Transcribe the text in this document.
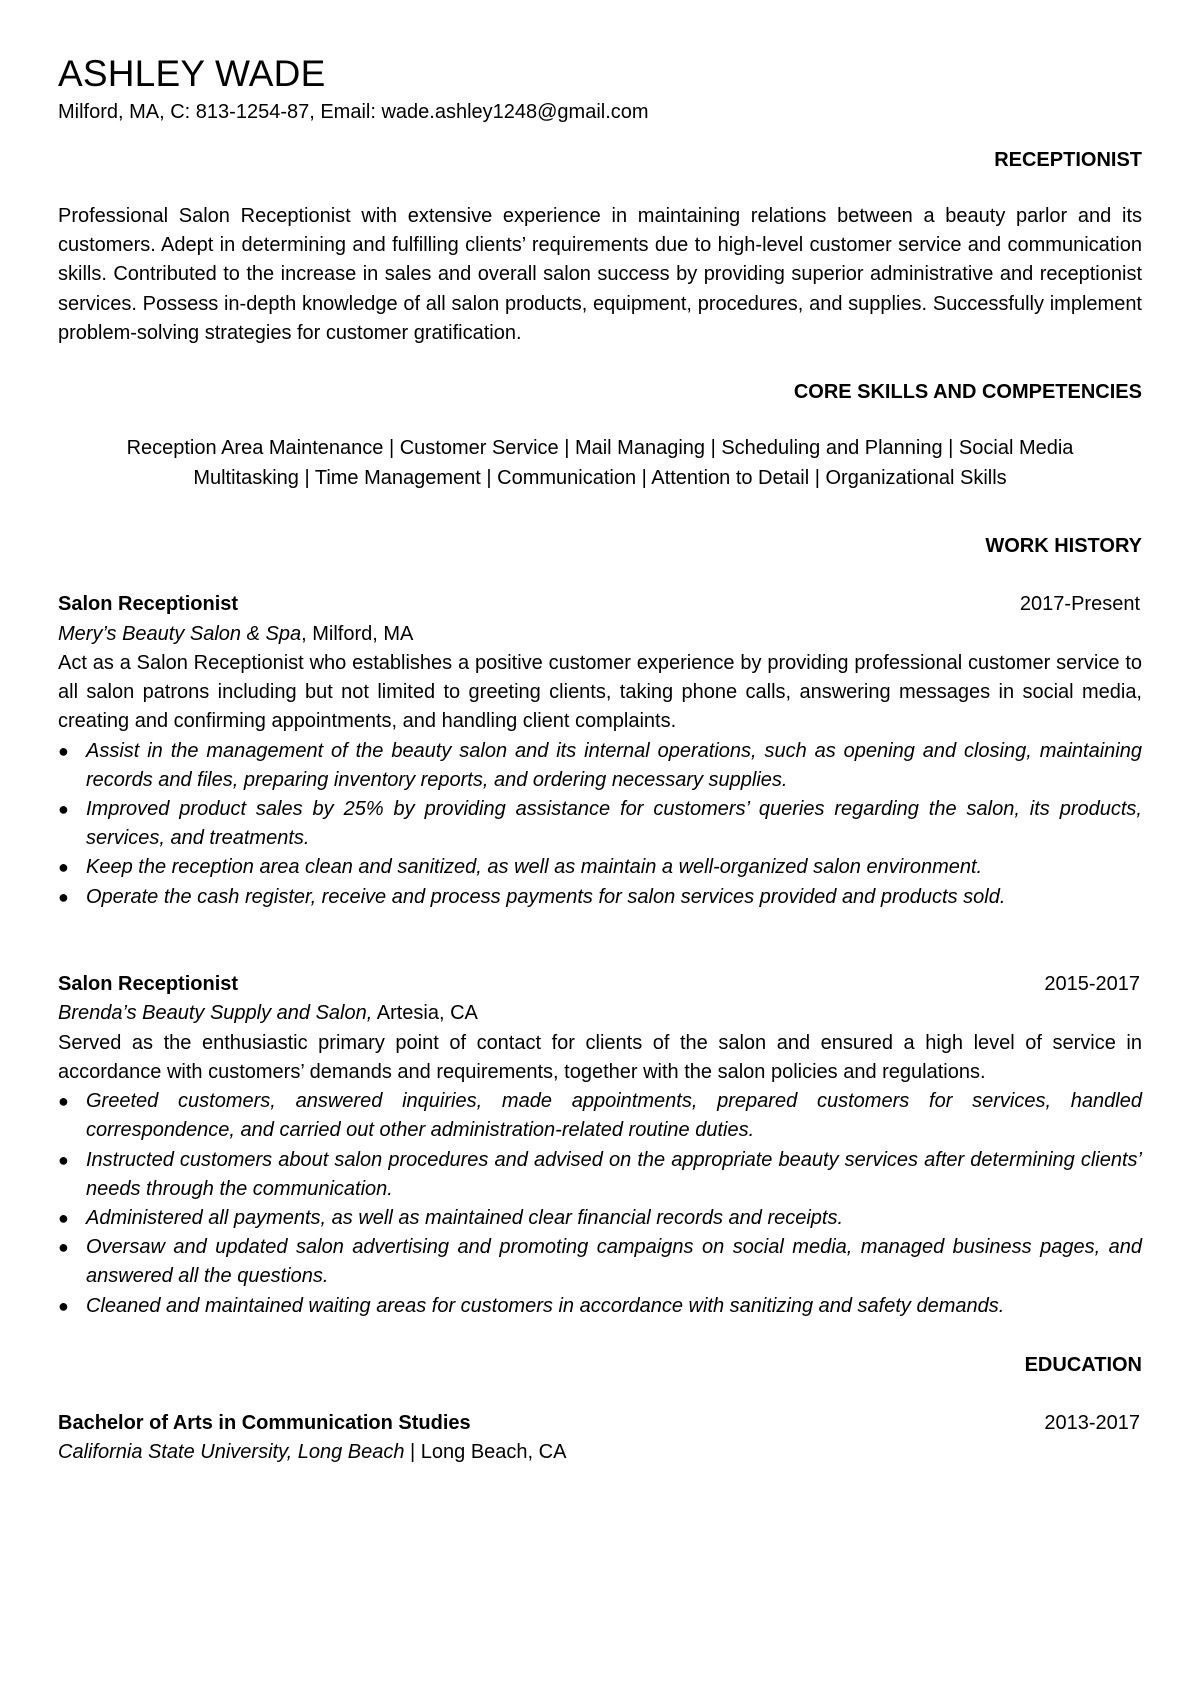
ASHLEY WADE

Milford, MA, C: 813-1254-87, Email: wade.ashley1248@gmail.com

RECEPTIONIST

Professional Salon Receptionist with extensive experience in maintaining relations between a beauty parlor and its customers. Adept in determining and fulfilling clients’ requirements due to high-level customer service and communication skills. Contributed to the increase in sales and overall salon success by providing superior administrative and receptionist services. Possess in-depth knowledge of all salon products, equipment, procedures, and supplies. Successfully implement problem-solving strategies for customer gratification.

CORE SKILLS AND COMPETENCIES

Reception Area Maintenance | Customer Service | Mail Managing | Scheduling and Planning | Social Media
Multitasking | Time Management | Communication | Attention to Detail | Organizational Skills

WORK HISTORY
Salon Receptionist	2017-Present
Mery’s Beauty Salon & Spa, Milford, MA

Act as a Salon Receptionist who establishes a positive customer experience by providing professional customer service to all salon patrons including but not limited to greeting clients, taking phone calls, answering messages in social media, creating and confirming appointments, and handling client complaints.

● Assist in the management of the beauty salon and its internal operations, such as opening and closing, maintaining records and files, preparing inventory reports, and ordering necessary supplies.
● Improved product sales by 25% by providing assistance for customers’ queries regarding the salon, its products, services, and treatments.
● Keep the reception area clean and sanitized, as well as maintain a well-organized salon environment.
● Operate the cash register, receive and process payments for salon services provided and products sold.
Salon Receptionist	2015-2017
Brenda’s Beauty Supply and Salon, Artesia, CA

Served as the enthusiastic primary point of contact for clients of the salon and ensured a high level of service in accordance with customers’ demands and requirements, together with the salon policies and regulations.

● Greeted customers, answered inquiries, made appointments, prepared customers for services, handled correspondence, and carried out other administration-related routine duties.
● Instructed customers about salon procedures and advised on the appropriate beauty services after determining clients’ needs through the communication.
● Administered all payments, as well as maintained clear financial records and receipts.
● Oversaw and updated salon advertising and promoting campaigns on social media, managed business pages, and answered all the questions.
● Cleaned and maintained waiting areas for customers in accordance with sanitizing and safety demands.
EDUCATION
Bachelor of Arts in Communication Studies	2013-2017
California State University, Long Beach | Long Beach, CA
